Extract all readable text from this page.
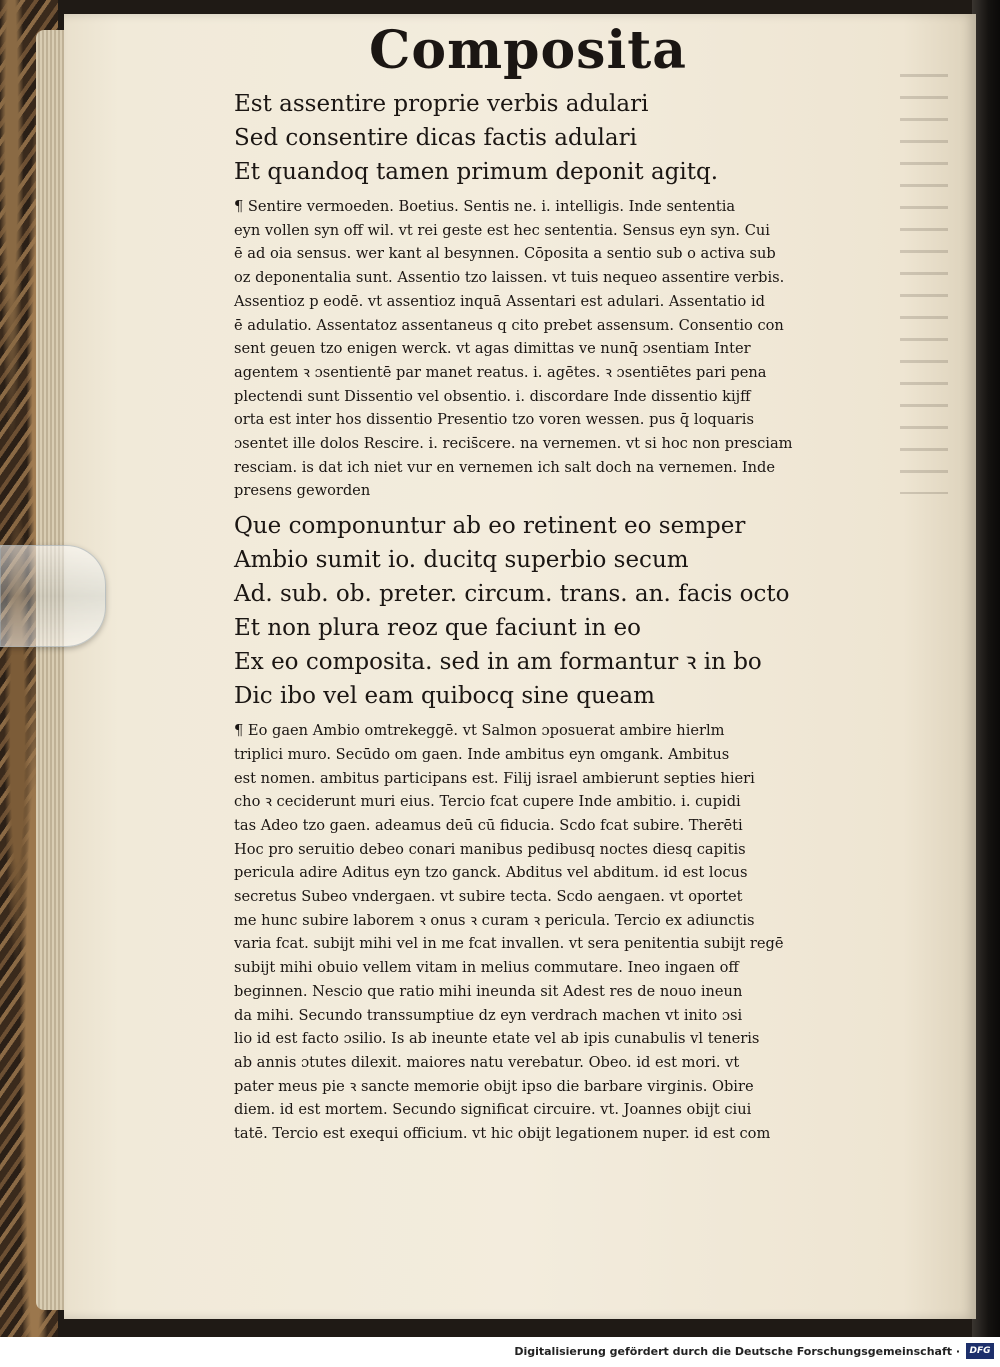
Composita
Est assentire proprie verbis adulari
Sed consentire dicas factis adulari
Et quandoq tamen primum deponit agitq.
¶ Sentire vermoeden. Boetius. Sentis ne. i. intelligis. Inde sententia
eyn vollen syn off wil. vt rei geste est hec sententia. Sensus eyn syn. Cui
ē ad oia sensus. wer kant al besynnen. Cōposita a sentio sub o activa sub
oz deponentalia sunt. Assentio tzo laissen. vt tuis nequeo assentire verbis.
Assentioz p eodē. vt assentioz inquā Assentari est adulari. Assentatio id
ē adulatio. Assentatoz assentaneus q cito prebet assensum. Consentio con
sent geuen tzo enigen werck. vt agas dimittas ve nunq̄ ɔsentiam Inter
agentem ꝛ ɔsentientē par manet reatus. i. agētes. ꝛ ɔsentiētes pari pena
plectendi sunt Dissentio vel obsentio. i. discordare Inde dissentio kijff
orta est inter hos dissentio Presentio tzo voren wessen. pus q̄ loquaris
ɔsentet ille dolos Rescire. i. recis̄cere. na vernemen. vt si hoc non presciam
resciam. is dat ich niet vur en vernemen ich salt doch na vernemen. Inde
presens geworden
Que componuntur ab eo retinent eo semper
Ambio sumit io. ducitq superbio secum
Ad. sub. ob. preter. circum. trans. an. facis octo
Et non plura reoz que faciunt in eo
Ex eo composita. sed in am formantur ꝛ in bo
Dic ibo vel eam quibocq sine queam
¶ Eo gaen Ambio omtrekeggē. vt Salmon ɔposuerat ambire hierlm
triplici muro. Secūdo om gaen. Inde ambitus eyn omgank. Ambitus
est nomen. ambitus participans est. Filij israel ambierunt septies hieri
cho ꝛ ceciderunt muri eius. Tercio fcat cupere Inde ambitio. i. cupidi
tas Adeo tzo gaen. adeamus deū cū fiducia. Scdo fcat subire. Therēti
Hoc pro seruitio debeo conari manibus pedibusq noctes diesq capitis
pericula adire Aditus eyn tzo ganck. Abditus vel abditum. id est locus
secretus Subeo vndergaen. vt subire tecta. Scdo aengaen. vt oportet
me hunc subire laborem ꝛ onus ꝛ curam ꝛ pericula. Tercio ex adiunctis
varia fcat. subijt mihi vel in me fcat invallen. vt sera penitentia subijt regē
subijt mihi obuio vellem vitam in melius commutare. Ineo ingaen off
beginnen. Nescio que ratio mihi ineunda sit Adest res de nouo ineun
da mihi. Secundo transsumptiue dz eyn verdrach machen vt inito ɔsi
lio id est facto ɔsilio. Is ab ineunte etate vel ab ipis cunabulis vl teneris
ab annis ɔtutes dilexit. maiores natu verebatur. Obeo. id est mori. vt
pater meus pie ꝛ sancte memorie obijt ipso die barbare virginis. Obire
diem. id est mortem. Secundo significat circuire. vt. Joannes obijt ciui
tatē. Tercio est exequi officium. vt hic obijt legationem nuper. id est com
Digitalisierung gefördert durch die Deutsche Forschungsgemeinschaft ·	DFG
